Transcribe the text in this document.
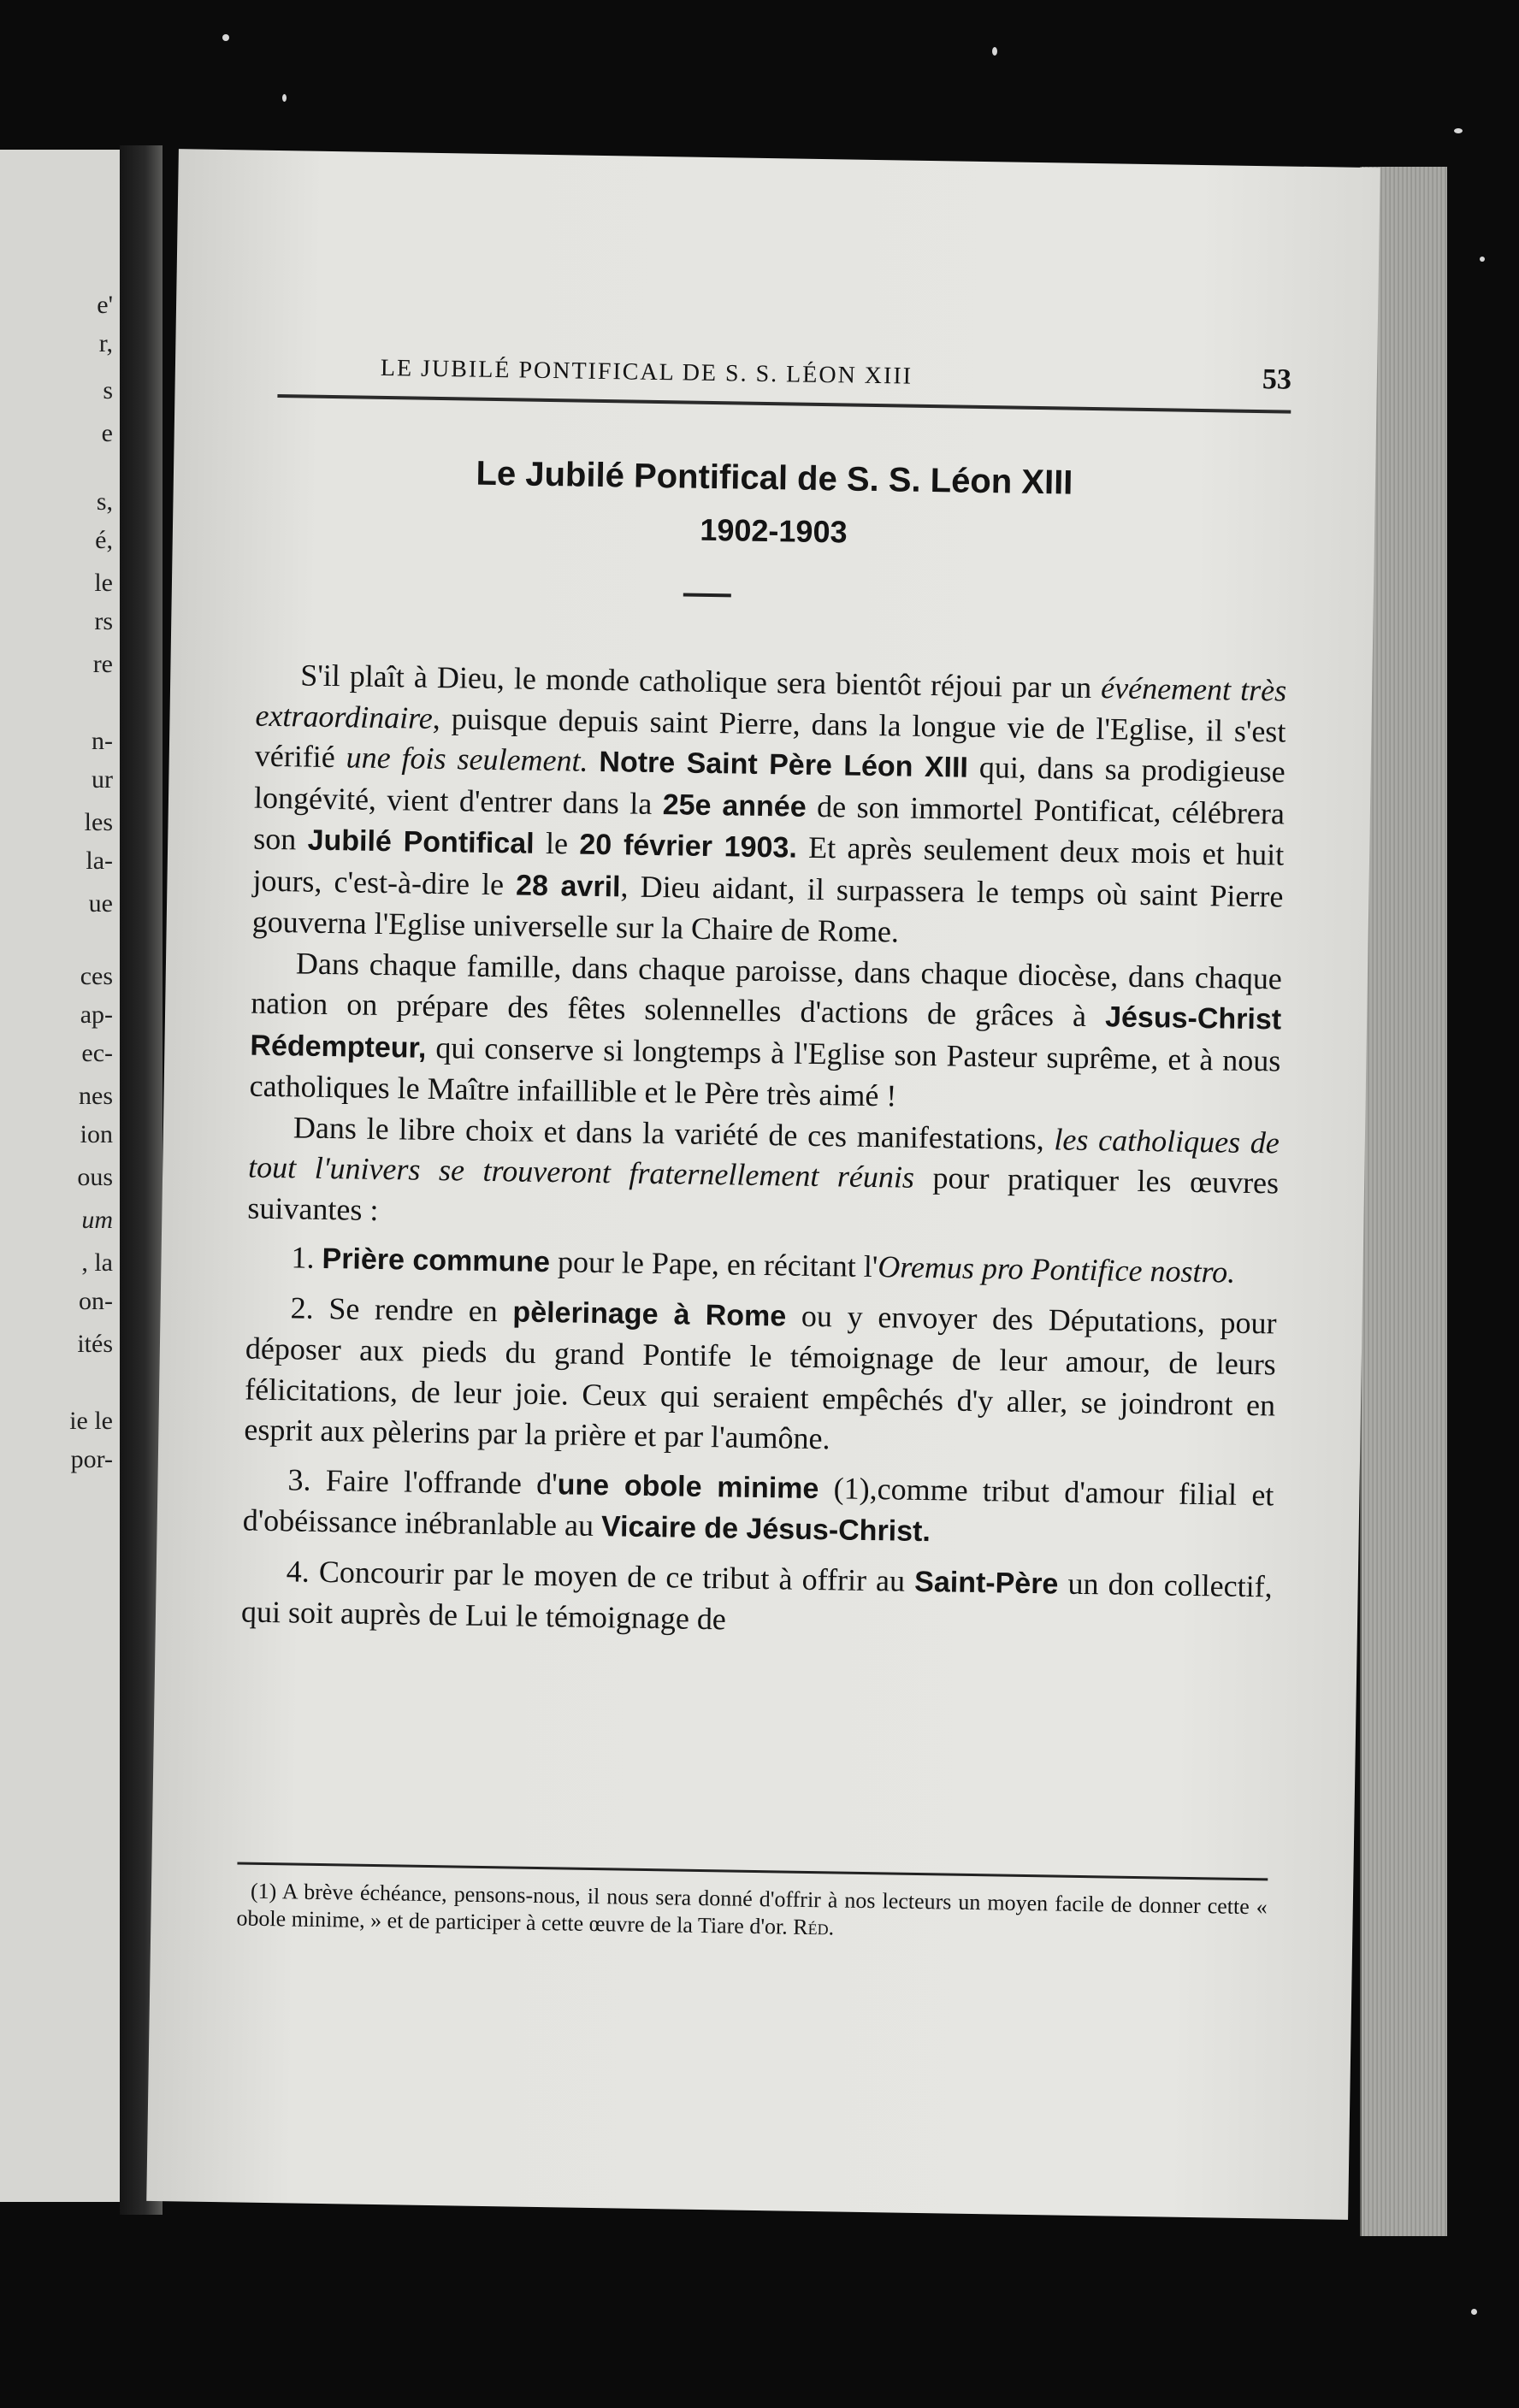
e'
r,
s
e
s,
é,
le
rs
re
n-
ur
les
la-
ue
ces
ap-
ec-
nes
ion
ous
um
, la
on-
ités
ie le
por-
LE JUBILÉ PONTIFICAL DE S. S. LÉON XIII	53
Le Jubilé Pontifical de S. S. Léon XIII
1902-1903

S'il plaît à Dieu, le monde catholique sera bientôt réjoui par un événement très extraordinaire, puisque depuis saint Pierre, dans la longue vie de l'Eglise, il s'est vérifié une fois seulement. Notre Saint Père Léon XIII qui, dans sa prodigieuse longévité, vient d'entrer dans la 25e année de son immortel Pontificat, célébrera son Jubilé Pontifical le 20 février 1903. Et après seulement deux mois et huit jours, c'est-à-dire le 28 avril, Dieu aidant, il surpassera le temps où saint Pierre gouverna l'Eglise universelle sur la Chaire de Rome.

Dans chaque famille, dans chaque paroisse, dans chaque diocèse, dans chaque nation on prépare des fêtes solennelles d'actions de grâces à Jésus-Christ Rédempteur, qui conserve si longtemps à l'Eglise son Pasteur suprême, et à nous catholiques le Maître infaillible et le Père très aimé !

Dans le libre choix et dans la variété de ces manifestations, les catholiques de tout l'univers se trouveront fraternellement réunis pour pratiquer les œuvres suivantes :

1. Prière commune pour le Pape, en récitant l'Oremus pro Pontifice nostro.

2. Se rendre en pèlerinage à Rome ou y envoyer des Députations, pour déposer aux pieds du grand Pontife le témoignage de leur amour, de leurs félicitations, de leur joie. Ceux qui seraient empêchés d'y aller, se joindront en esprit aux pèlerins par la prière et par l'aumône.

3. Faire l'offrande d'une obole minime (1),comme tribut d'amour filial et d'obéissance inébranlable au Vicaire de Jésus-Christ.

4. Concourir par le moyen de ce tribut à offrir au Saint-Père un don collectif, qui soit auprès de Lui le témoignage de

(1) A brève échéance, pensons-nous, il nous sera donné d'offrir à nos lecteurs un moyen facile de donner cette « obole minime, » et de participer à cette œuvre de la Tiare d'or. Réd.
